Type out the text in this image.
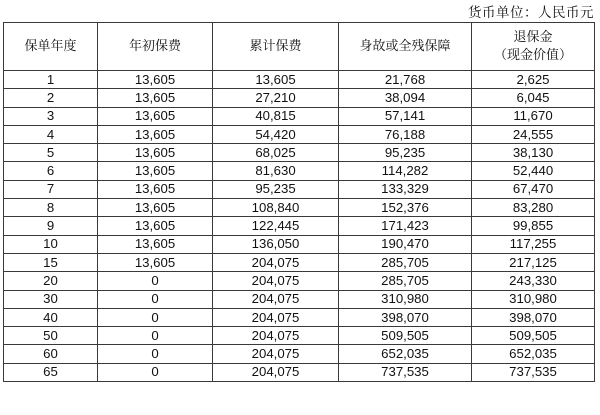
货币单位：人民币元
保单年度	年初保费	累计保费	身故或全残保障	退保金
（现金价值）

1	13,605	13,605	21,768	2,625
2	13,605	27,210	38,094	6,045
3	13,605	40,815	57,141	11,670
4	13,605	54,420	76,188	24,555
5	13,605	68,025	95,235	38,130
6	13,605	81,630	114,282	52,440
7	13,605	95,235	133,329	67,470
8	13,605	108,840	152,376	83,280
9	13,605	122,445	171,423	99,855
10	13,605	136,050	190,470	117,255
15	13,605	204,075	285,705	217,125
20	0	204,075	285,705	243,330
30	0	204,075	310,980	310,980
40	0	204,075	398,070	398,070
50	0	204,075	509,505	509,505
60	0	204,075	652,035	652,035
65	0	204,075	737,535	737,535
